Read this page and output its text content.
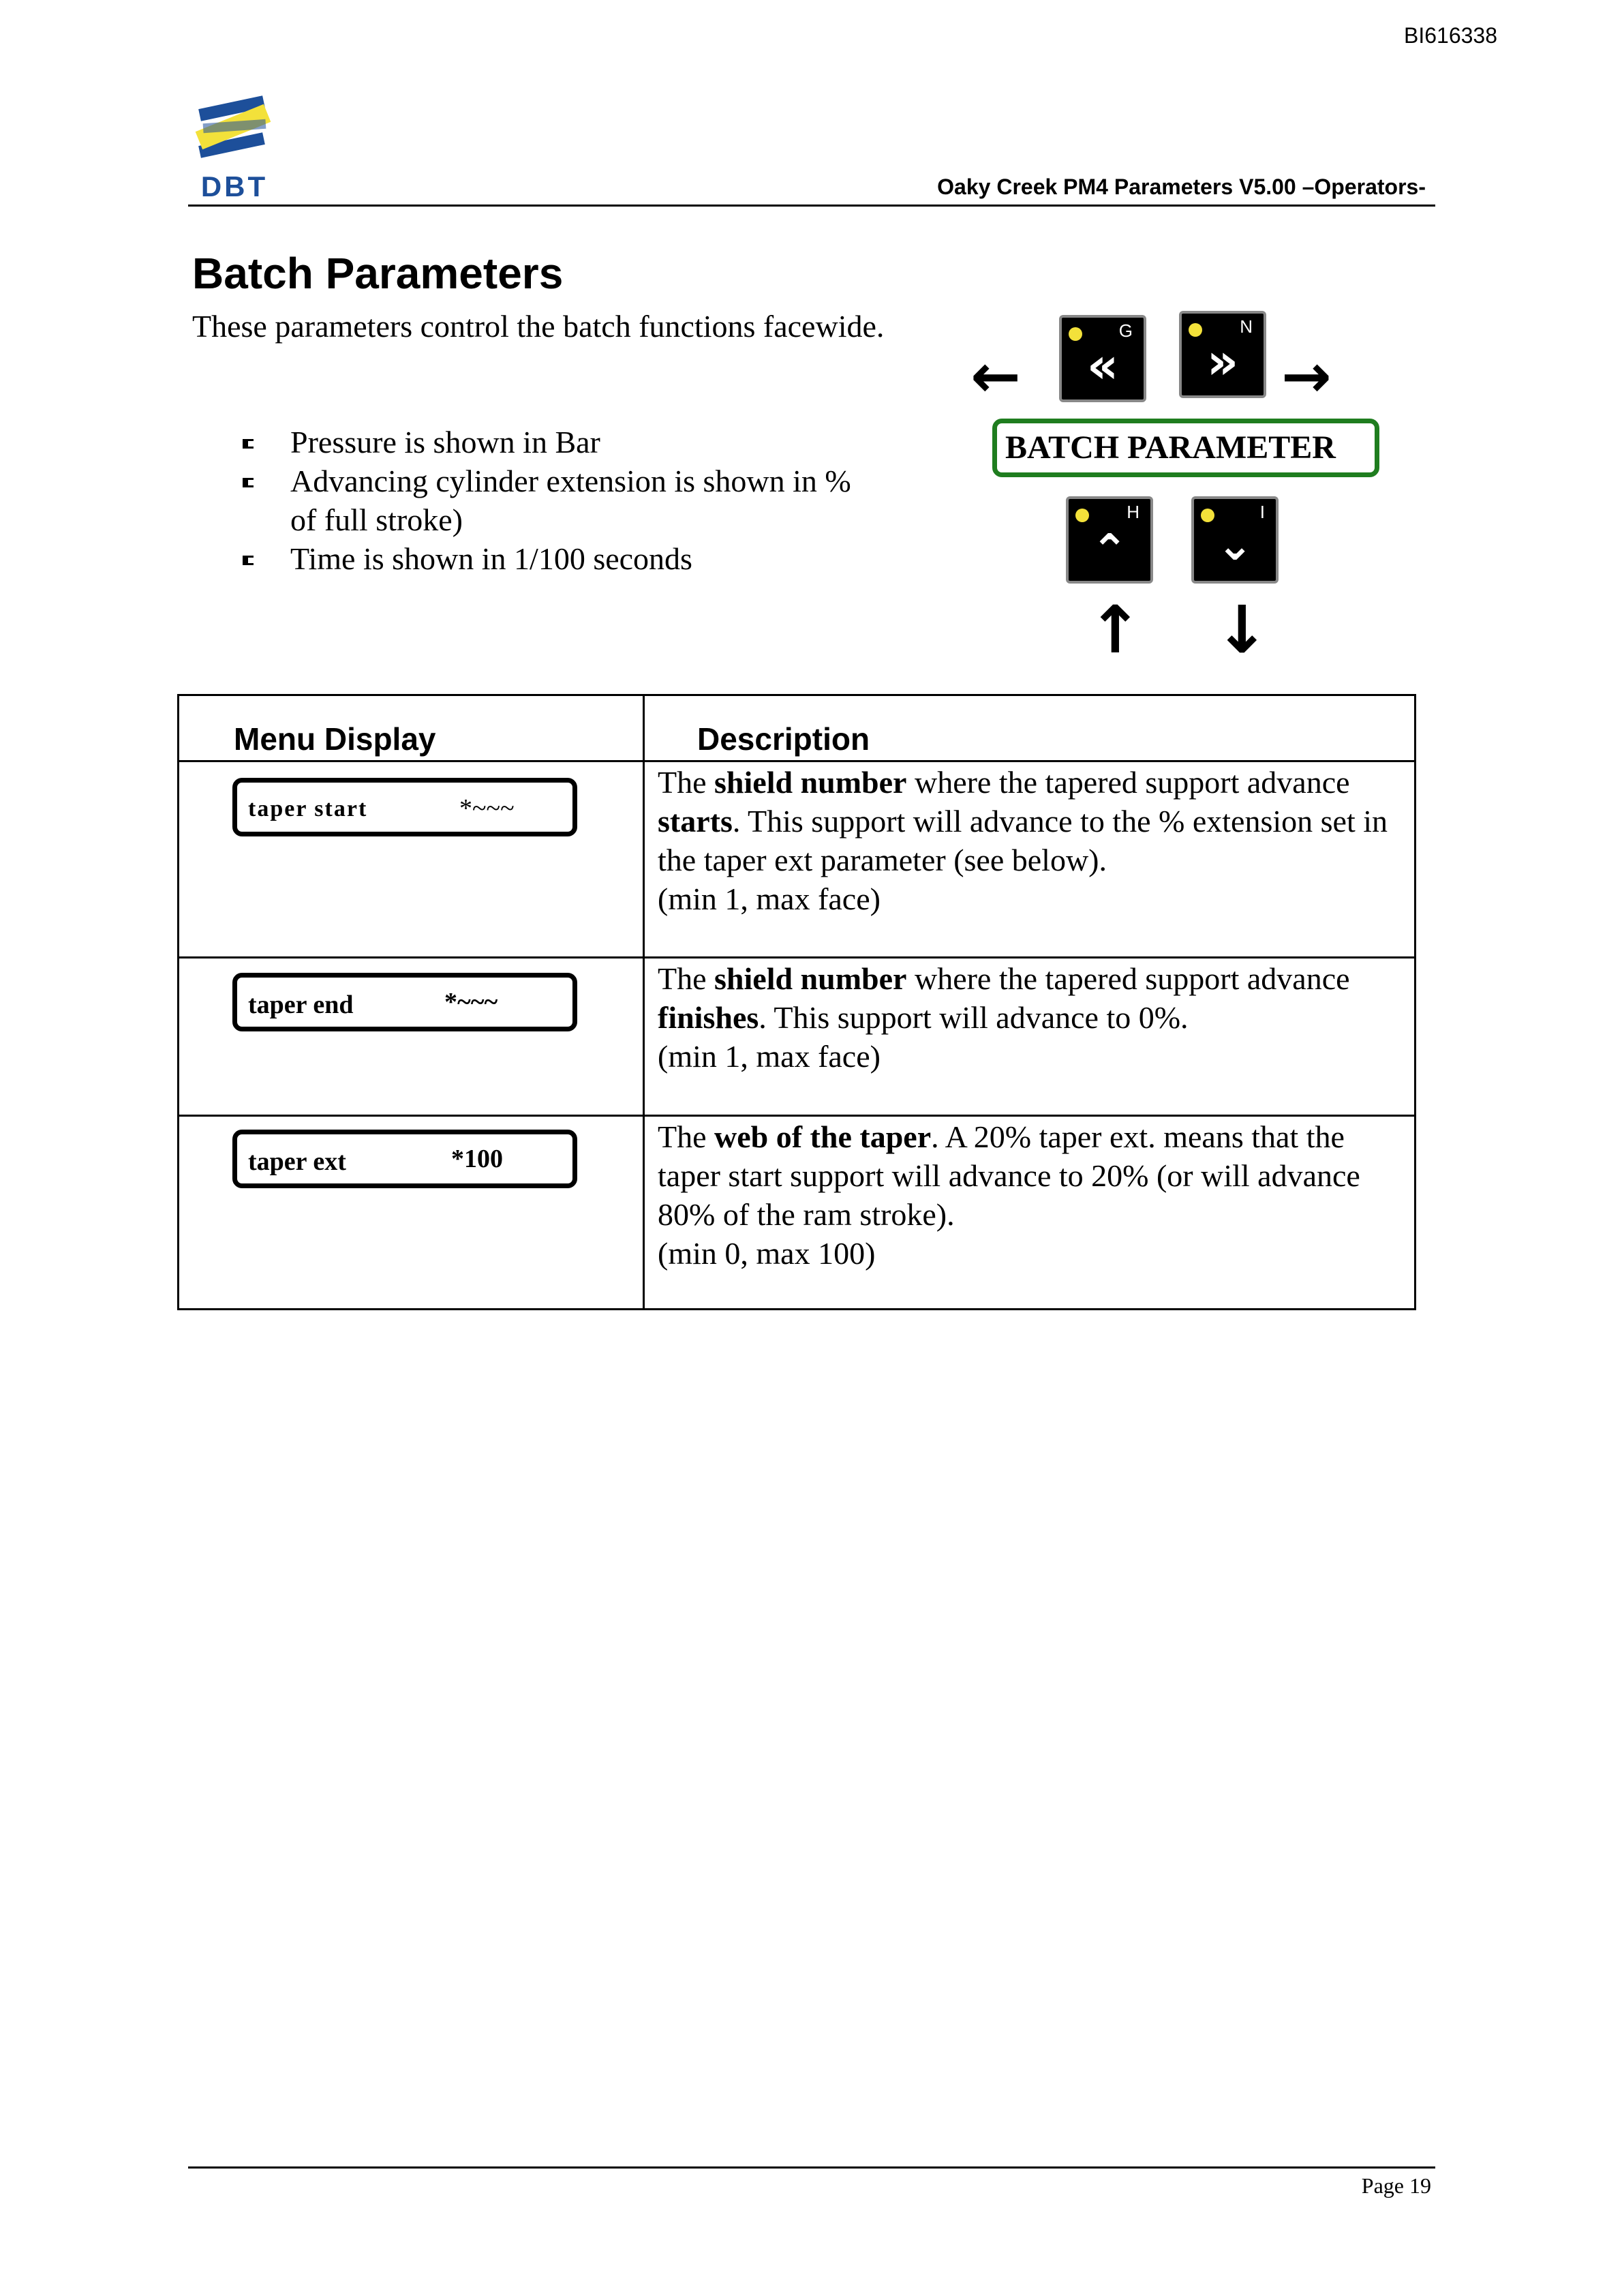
BI616338
DBT	Oaky Creek PM4 Parameters V5.00 –Operators-
Batch Parameters

These parameters control the batch functions facewide.

Pressure is shown in Bar
Advancing cylinder extension is shown in % of full stroke)
Time is shown in 1/100 seconds
←
G
«
N
» →
BATCH PARAMETER
H
⌃
I
⌄
↑ ↓
Menu Display	Description
taper start	*~~~
The shield number where the tapered support advance starts. This support will advance to the % extension set in the taper ext parameter (see below).
(min 1, max face)
taper end	*~~~
The shield number where the tapered support advance finishes. This support will advance to 0%.
(min 1, max face)
taper ext	*100
The web of the taper. A 20% taper ext. means that the taper start support will advance to 20% (or will advance 80% of the ram stroke).
(min 0, max 100)
Page 19
